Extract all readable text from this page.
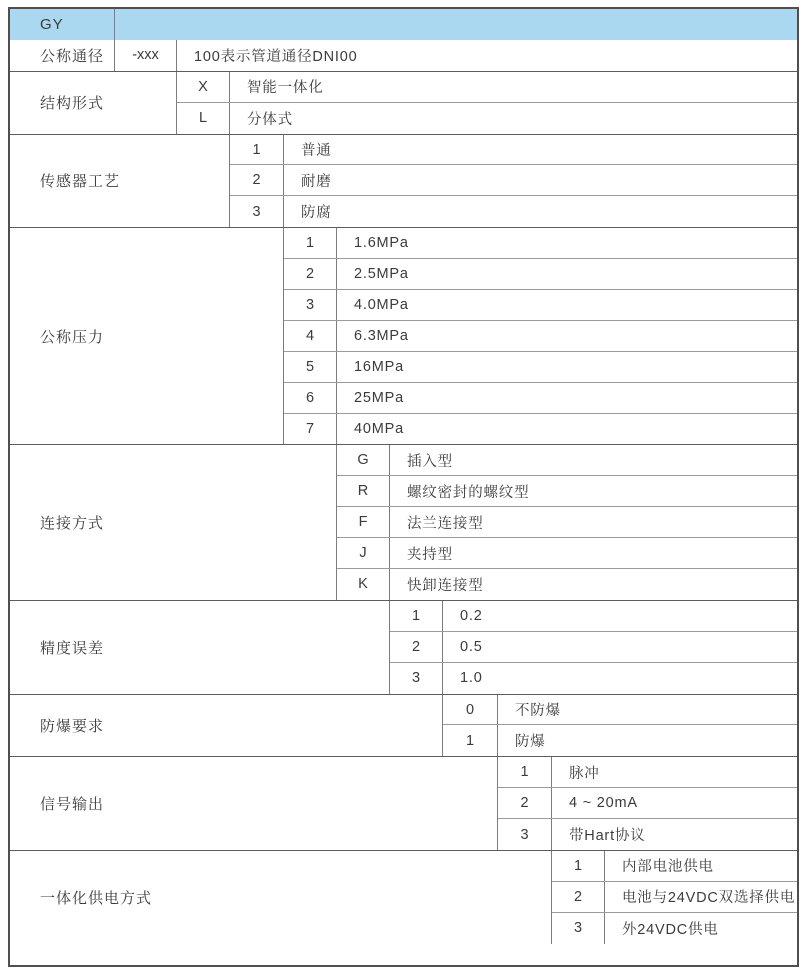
GY
公称通径	-xxx	100表示管道通径DNI00
结构形式
X	智能一体化
L	分体式
传感器工艺
1	普通
2	耐磨
3	防腐
公称压力
1	1.6MPa
2	2.5MPa
3	4.0MPa
4	6.3MPa
5	16MPa
6	25MPa
7	40MPa
连接方式
G	插入型
R	螺纹密封的螺纹型
F	法兰连接型
J	夹持型
K	快卸连接型
精度误差
1	0.2
2	0.5
3	1.0
防爆要求
0	不防爆
1	防爆
信号输出
1	脉冲
2	4 ~ 20mA
3	带Hart协议
一体化供电方式
1	内部电池供电
2	电池与24VDC双选择供电
3	外24VDC供电
